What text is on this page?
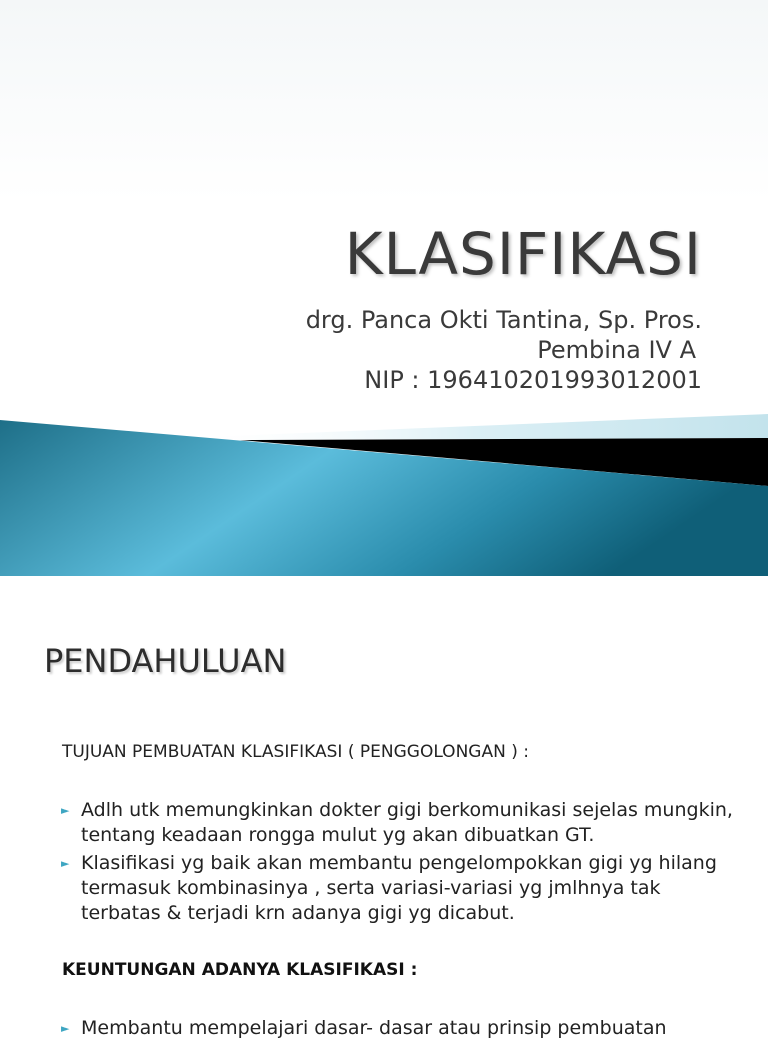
KLASIFIKASI
drg. Panca Okti Tantina, Sp. Pros.
Pembina IV A
NIP : 196410201993012001
PENDAHULUAN
TUJUAN PEMBUATAN KLASIFIKASI ( PENGGOLONGAN ) :
► Adlh utk memungkinkan dokter gigi berkomunikasi sejelas mungkin, tentang keadaan rongga mulut yg akan dibuatkan GT.
► Klasifikasi yg baik akan membantu pengelompokkan gigi yg hilang termasuk kombinasinya , serta variasi-variasi yg jmlhnya tak terbatas & terjadi krn adanya gigi yg dicabut.
KEUNTUNGAN ADANYA KLASIFIKASI :
► Membantu mempelajari dasar- dasar atau prinsip pembuatan
